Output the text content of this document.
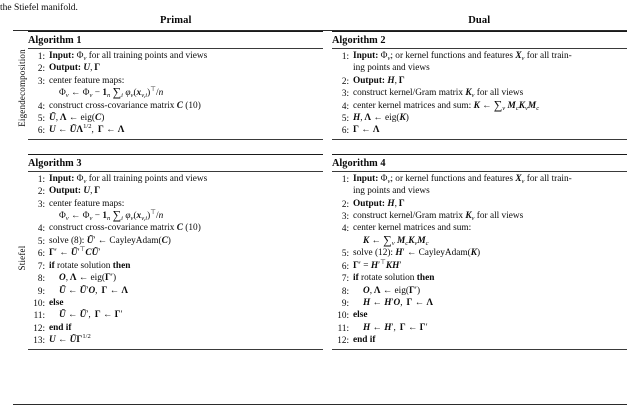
the Stiefel manifold.
Primal	Dual
Eigendecomposition
Stiefel
Algorithm 1
1: Input: $\Phi_v$ for all training points and views
2: Output: U, Γ
3: center feature maps:
$\Phi_v$ ← $\Phi_v - 1_n$ $\sum_i$ $\varphi_v(x_{v,i})^⊤/n$
4: construct cross-covariance matrix C (10)
5: Ũ, Λ ← eig(C)
6: U ← $Ũ\Lambda^{1/2}$, Γ ← Λ
Algorithm 3
1: Input: $\Phi_v$ for all training points and views
2: Output: U, Γ
3: center feature maps:
$\Phi_v$ ← $\Phi_v - 1_n$ $\sum_i$ $\varphi_v(x_{v,i})^⊤/n$
4: construct cross-covariance matrix C (10)
5: solve (8): Ũ′ ← CayleyAdam(C)
6: Γ′ ← Ũ′⊤CŨ′
7: if rotate solution then
8:	O, Λ ← eig(Γ′)
9:	Ũ ← Ũ′O, Γ ← Λ
10: else
11:	Ũ ← Ũ′, Γ ← Γ′
12: end if
13: U ← $Ũ\Gamma^{1/2}$
Algorithm 2
1: Input: $\Phi_v$; or kernel functions and features $X_v$ for all train-
ing points and views
2: Output: H, Γ
3: construct kernel/Gram matrix $K_v$ for all views
4: center kernel matrices and sum: K ← $\sum_v$ $M_cK_vM_c$
5: H, Λ ← eig(K)
6: Γ ← Λ
Algorithm 4
1: Input: $\Phi_v$; or kernel functions and features $X_v$ for all train-
ing points and views
2: Output: H, Γ
3: construct kernel/Gram matrix $K_v$ for all views
4: center kernel matrices and sum:
K ← $\sum_v$ $M_cK_vM_c$
5: solve (12): H′ ← CayleyAdam(K)
6: Γ′ = H′⊤KH′
7: if rotate solution then
8:	O, Λ ← eig(Γ′)
9:	H ← H′O, Γ ← Λ
10: else
11:	H ← H′, Γ ← Γ′
12: end if
